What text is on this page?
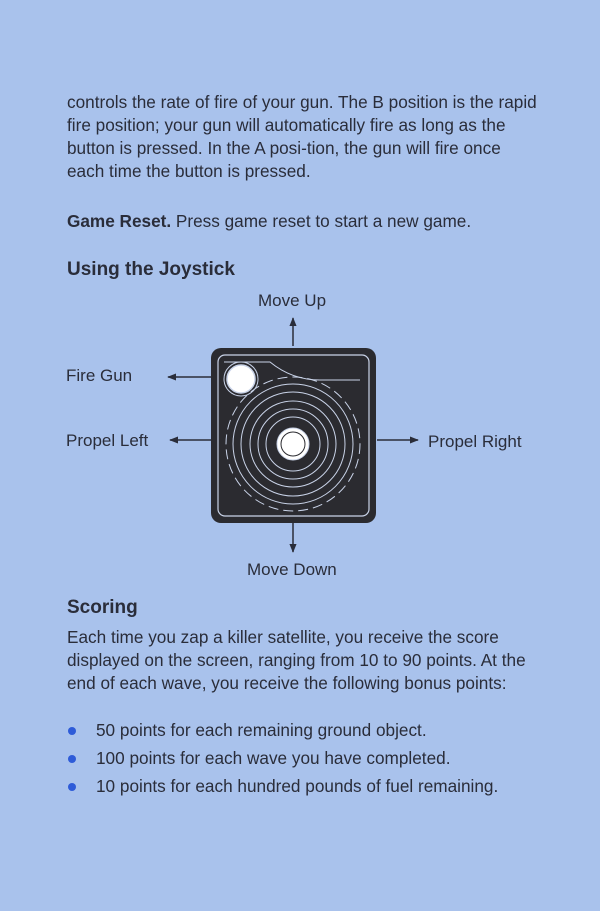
controls the rate of fire of your gun. The B position is the rapid fire position; your gun will automatically fire as long as the button is pressed. In the A posi-tion, the gun will fire once each time the button is pressed.

Game Reset. Press game reset to start a new game.

Using the Joystick
Move Up
Fire Gun
Propel Left	Propel Right
Move Down
Scoring

Each time you zap a killer satellite, you receive the score displayed on the screen, ranging from 10 to 90 points. At the end of each wave, you receive the following bonus points:

50 points for each remaining ground object.
100 points for each wave you have completed.
10 points for each hundred pounds of fuel remaining.
